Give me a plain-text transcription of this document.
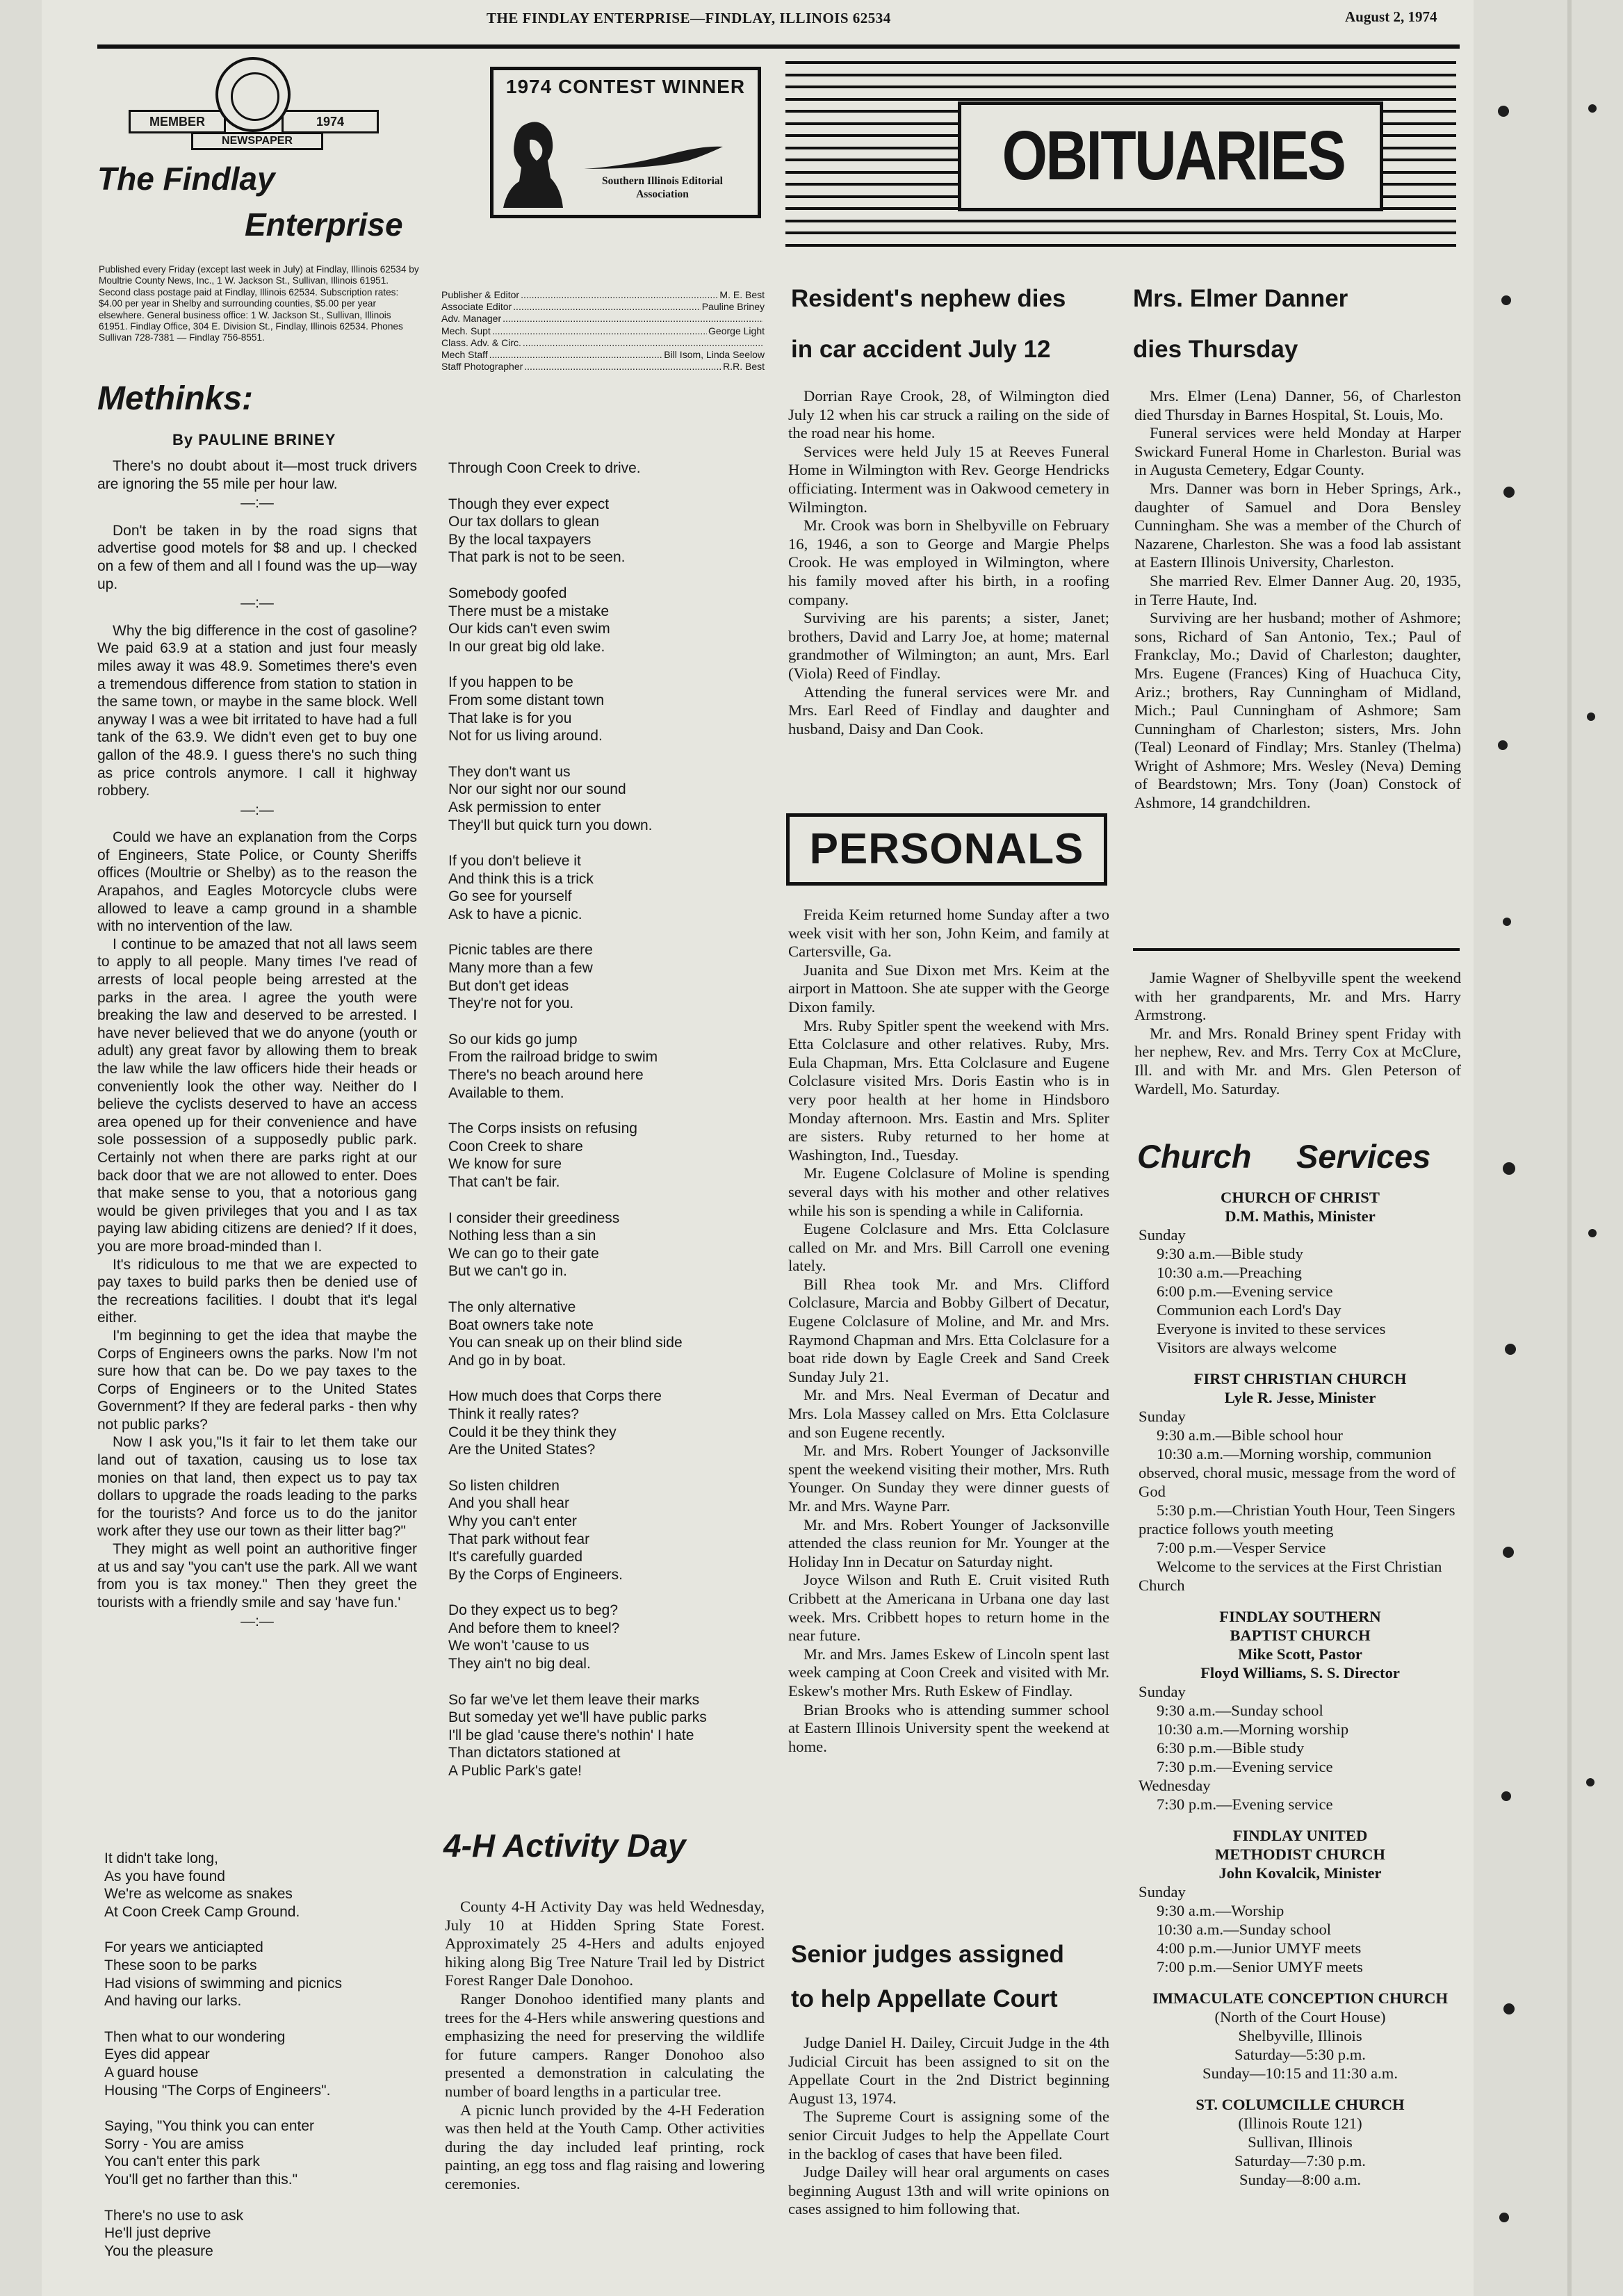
THE FINDLAY ENTERPRISE—FINDLAY, ILLINOIS 62534	August 2, 1974
MEMBER	1974
NEWSPAPER
The Findlay
Enterprise
Published every Friday (except last week in July) at Findlay, Illinois 62534 by Moultrie County News, Inc., 1 W. Jackson St., Sullivan, Illinois 61951. Second class postage paid at Findlay, Illinois 62534. Subscription rates: $4.00 per year in Shelby and surrounding counties, $5.00 per year elsewhere. General business office: 1 W. Jackson St., Sullivan, Illinois 61951. Findlay Office, 304 E. Division St., Findlay, Illinois 62534. Phones Sullivan 728-7381 — Findlay 756-8551.
1974 CONTEST WINNER
Southern Illinois Editorial Association
Publisher & Editor .....	M. E. Best
Associate Editor .....	Pauline Briney
Adv. Manager
.....
Mech. Supt .....	George Light
Class. Adv. & Circ.
.....
Mech Staff .....	Bill Isom, Linda Seelow
Staff Photographer .....	R.R. Best
OBITUARIES
Methinks:
By PAULINE BRINEY

There's no doubt about it—most truck drivers are ignoring the 55 mile per hour law.

—:—

Don't be taken in by the road signs that advertise good motels for $8 and up. I checked on a few of them and all I found was the up—way up.

—:—

Why the big difference in the cost of gasoline? We paid 63.9 at a station and just four measly miles away it was 48.9. Sometimes there's even a tremendous difference from station to station in the same town, or maybe in the same block. Well anyway I was a wee bit irritated to have had a full tank of the 63.9. We didn't even get to buy one gallon of the 48.9. I guess there's no such thing as price controls anymore. I call it highway robbery.

—:—

Could we have an explanation from the Corps of Engineers, State Police, or County Sheriffs offices (Moultrie or Shelby) as to the reason the Arapahos, and Eagles Motorcycle clubs were allowed to leave a camp ground in a shamble with no intervention of the law.

I continue to be amazed that not all laws seem to apply to all people. Many times I've read of arrests of local people being arrested at the parks in the area. I agree the youth were breaking the law and deserved to be arrested. I have never believed that we do anyone (youth or adult) any great favor by allowing them to break the law while the law officers hide their heads or conveniently look the other way. Neither do I believe the cyclists deserved to have an access area opened up for their convenience and have sole possession of a supposedly public park. Certainly not when there are parks right at our back door that we are not allowed to enter. Does that make sense to you, that a notorious gang would be given privileges that you and I as tax paying law abiding citizens are denied? If it does, you are more broad-minded than I.

It's ridiculous to me that we are expected to pay taxes to build parks then be denied use of the recreations facilities. I doubt that it's legal either.

I'm beginning to get the idea that maybe the Corps of Engineers owns the parks. Now I'm not sure how that can be. Do we pay taxes to the Corps of Engineers or to the United States Government? If they are federal parks - then why not public parks?

Now I ask you,"Is it fair to let them take our land out of taxation, causing us to lose tax monies on that land, then expect us to pay tax dollars to upgrade the roads leading to the parks for the tourists? And force us to do the janitor work after they use our town as their litter bag?"

They might as well point an authoritive finger at us and say "you can't use the park. All we want from you is tax money." Then they greet the tourists with a friendly smile and say 'have fun.'

—:—

It didn't take long,
As you have found
We're as welcome as snakes
At Coon Creek Camp Ground.

For years we anticiapted
These soon to be parks
Had visions of swimming and picnics
And having our larks.

Then what to our wondering
Eyes did appear
A guard house
Housing "The Corps of Engineers".

Saying, "You think you can enter
Sorry - You are amiss
You can't enter this park
You'll get no farther than this."

There's no use to ask
He'll just deprive
You the pleasure

Through Coon Creek to drive.

Though they ever expect
Our tax dollars to glean
By the local taxpayers
That park is not to be seen.

Somebody goofed
There must be a mistake
Our kids can't even swim
In our great big old lake.

If you happen to be
From some distant town
That lake is for you
Not for us living around.

They don't want us
Nor our sight nor our sound
Ask permission to enter
They'll but quick turn you down.

If you don't believe it
And think this is a trick
Go see for yourself
Ask to have a picnic.

Picnic tables are there
Many more than a few
But don't get ideas
They're not for you.

So our kids go jump
From the railroad bridge to swim
There's no beach around here
Available to them.

The Corps insists on refusing
Coon Creek to share
We know for sure
That can't be fair.

I consider their greediness
Nothing less than a sin
We can go to their gate
But we can't go in.

The only alternative
Boat owners take note
You can sneak up on their blind side
And go in by boat.

How much does that Corps there
Think it really rates?
Could it be they think they
Are the United States?

So listen children
And you shall hear
Why you can't enter
That park without fear
It's carefully guarded
By the Corps of Engineers.

Do they expect us to beg?
And before them to kneel?
We won't 'cause to us
They ain't no big deal.

So far we've let them leave their marks
But someday yet we'll have public parks
I'll be glad 'cause there's nothin' I hate
Than dictators stationed at
A Public Park's gate!

4-H Activity Day

County 4-H Activity Day was held Wednesday, July 10 at Hidden Spring State Forest. Approximately 25 4-Hers and adults enjoyed hiking along Big Tree Nature Trail led by District Forest Ranger Dale Donohoo.

Ranger Donohoo identified many plants and trees for the 4-Hers while answering questions and emphasizing the need for preserving the wildlife for future campers. Ranger Donohoo also presented a demonstration in calculating the number of board lengths in a particular tree.

A picnic lunch provided by the 4-H Federation was then held at the Youth Camp. Other activities during the day included leaf printing, rock painting, an egg toss and flag raising and lowering ceremonies.

Resident's nephew dies
in car accident July 12

Dorrian Raye Crook, 28, of Wilmington died July 12 when his car struck a railing on the side of the road near his home.

Services were held July 15 at Reeves Funeral Home in Wilmington with Rev. George Hendricks officiating. Interment was in Oakwood cemetery in Wilmington.

Mr. Crook was born in Shelbyville on February 16, 1946, a son to George and Margie Phelps Crook. He was employed in Wilmington, where his family moved after his birth, in a roofing company.

Surviving are his parents; a sister, Janet; brothers, David and Larry Joe, at home; maternal grandmother of Wilmington; an aunt, Mrs. Earl (Viola) Reed of Findlay.

Attending the funeral services were Mr. and Mrs. Earl Reed of Findlay and daughter and husband, Daisy and Dan Cook.

PERSONALS

Freida Keim returned home Sunday after a two week visit with her son, John Keim, and family at Cartersville, Ga.

Juanita and Sue Dixon met Mrs. Keim at the airport in Mattoon. She ate supper with the George Dixon family.

Mrs. Ruby Spitler spent the weekend with Mrs. Etta Colclasure and other relatives. Ruby, Mrs. Eula Chapman, Mrs. Etta Colclasure and Eugene Colclasure visited Mrs. Doris Eastin who is in very poor health at her home in Hindsboro Monday afternoon. Mrs. Eastin and Mrs. Spliter are sisters. Ruby returned to her home at Washington, Ind., Tuesday.

Mr. Eugene Colclasure of Moline is spending several days with his mother and other relatives while his son is spending a while in California.

Eugene Colclasure and Mrs. Etta Colclasure called on Mr. and Mrs. Bill Carroll one evening lately.

Bill Rhea took Mr. and Mrs. Clifford Colclasure, Marcia and Bobby Gilbert of Decatur, Eugene Colclasure of Moline, and Mr. and Mrs. Raymond Chapman and Mrs. Etta Colclasure for a boat ride down by Eagle Creek and Sand Creek Sunday July 21.

Mr. and Mrs. Neal Everman of Decatur and Mrs. Lola Massey called on Mrs. Etta Colclasure and son Eugene recently.

Mr. and Mrs. Robert Younger of Jacksonville spent the weekend visiting their mother, Mrs. Ruth Younger. On Sunday they were dinner guests of Mr. and Mrs. Wayne Parr.

Mr. and Mrs. Robert Younger of Jacksonville attended the class reunion for Mr. Younger at the Holiday Inn in Decatur on Saturday night.

Joyce Wilson and Ruth E. Cruit visited Ruth Cribbett at the Americana in Urbana one day last week. Mrs. Cribbett hopes to return home in the near future.

Mr. and Mrs. James Eskew of Lincoln spent last week camping at Coon Creek and visited with Mr. Eskew's mother Mrs. Ruth Eskew of Findlay.

Brian Brooks who is attending summer school at Eastern Illinois University spent the weekend at home.

Senior judges assigned
to help Appellate Court

Judge Daniel H. Dailey, Circuit Judge in the 4th Judicial Circuit has been assigned to sit on the Appellate Court in the 2nd District beginning August 13, 1974.

The Supreme Court is assigning some of the senior Circuit Judges to help the Appellate Court in the backlog of cases that have been filed.

Judge Dailey will hear oral arguments on cases beginning August 13th and will write opinions on cases assigned to him following that.

Mrs. Elmer Danner
dies Thursday

Mrs. Elmer (Lena) Danner, 56, of Charleston died Thursday in Barnes Hospital, St. Louis, Mo.

Funeral services were held Monday at Harper Swickard Funeral Home in Charleston. Burial was in Augusta Cemetery, Edgar County.

Mrs. Danner was born in Heber Springs, Ark., daughter of Samuel and Dora Bensley Cunningham. She was a member of the Church of Nazarene, Charleston. She was a food lab assistant at Eastern Illinois University, Charleston.

She married Rev. Elmer Danner Aug. 20, 1935, in Terre Haute, Ind.

Surviving are her husband; mother of Ashmore; sons, Richard of San Antonio, Tex.; Paul of Frankclay, Mo.; David of Charleston; daughter, Mrs. Eugene (Frances) King of Huachuca City, Ariz.; brothers, Ray Cunningham of Midland, Mich.; Paul Cunningham of Ashmore; Sam Cunningham of Charleston; sisters, Mrs. John (Teal) Leonard of Findlay; Mrs. Stanley (Thelma) Wright of Ashmore; Mrs. Wesley (Neva) Deming of Beardstown; Mrs. Tony (Joan) Constock of Ashmore, 14 grandchildren.

Jamie Wagner of Shelbyville spent the weekend with her grandparents, Mr. and Mrs. Harry Armstrong.

Mr. and Mrs. Ronald Briney spent Friday with her nephew, Rev. and Mrs. Terry Cox at McClure, Ill. and with Mr. and Mrs. Glen Peterson of Wardell, Mo. Saturday.

Church Services
CHURCH OF CHRIST
D.M. Mathis, Minister
Sunday
9:30 a.m.—Bible study
10:30 a.m.—Preaching
6:00 p.m.—Evening service
Communion each Lord's Day
Everyone is invited to these services
Visitors are always welcome
FIRST CHRISTIAN CHURCH
Lyle R. Jesse, Minister
Sunday
9:30 a.m.—Bible school hour
10:30 a.m.—Morning worship, communion observed, choral music, message from the word of God
5:30 p.m.—Christian Youth Hour, Teen Singers practice follows youth meeting
7:00 p.m.—Vesper Service
Welcome to the services at the First Christian Church
FINDLAY SOUTHERN
BAPTIST CHURCH
Mike Scott, Pastor
Floyd Williams, S. S. Director
Sunday
9:30 a.m.—Sunday school
10:30 a.m.—Morning worship
6:30 p.m.—Bible study
7:30 p.m.—Evening service
Wednesday
7:30 p.m.—Evening service
FINDLAY UNITED
METHODIST CHURCH
John Kovalcik, Minister
Sunday
9:30 a.m.—Worship
10:30 a.m.—Sunday school
4:00 p.m.—Junior UMYF meets
7:00 p.m.—Senior UMYF meets
IMMACULATE CONCEPTION CHURCH
(North of the Court House)
Shelbyville, Illinois
Saturday—5:30 p.m.
Sunday—10:15 and 11:30 a.m.
ST. COLUMCILLE CHURCH
(Illinois Route 121)
Sullivan, Illinois
Saturday—7:30 p.m.
Sunday—8:00 a.m.
